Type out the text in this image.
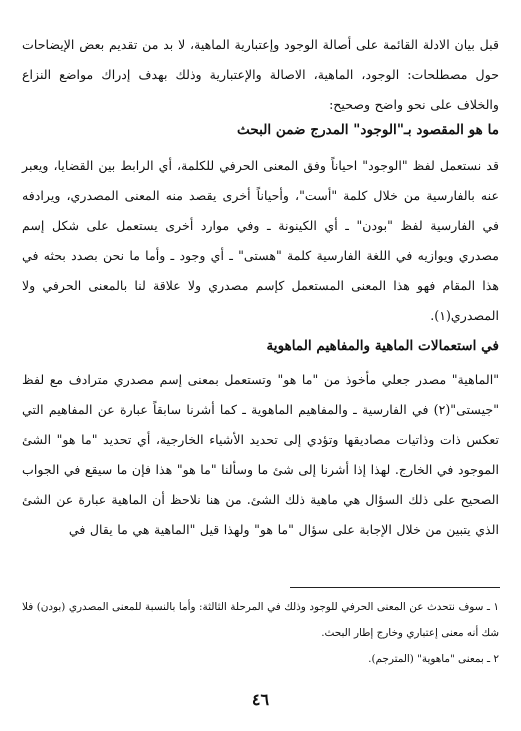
قبل بيان الادلة القائمة على أصالة الوجود وإعتبارية الماهية، لا بد من تقديم بعض الإيضاحات حول مصطلحات: الوجود، الماهية، الاصالة والإعتبارية وذلك بهدف إدراك مواضع النزاع والخلاف على نحو واضح وصحيح:

ما هو المقصود بـ"الوجود" المدرج ضمن البحث

قد نستعمل لفظ "الوجود" احياناً وفق المعنى الحرفي للكلمة، أي الرابط بين القضايا، ويعبر عنه بالفارسية من خلال كلمة "أست"، وأحياناً أخرى يقصد منه المعنى المصدري، ويرادفه في الفارسية لفظ "بودن" ـ أي الكينونة ـ وفي موارد أخرى يستعمل على شكل إسم مصدري ويوازيه في اللغة الفارسية كلمة "هستى" ـ أي وجود ـ وأما ما نحن بصدد بحثه في هذا المقام فهو هذا المعنى المستعمل كإسم مصدري ولا علاقة لنا بالمعنى الحرفي ولا المصدري(١).

في استعمالات الماهية والمفاهيم الماهوية

"الماهية" مصدر جعلي مأخوذ من "ما هو" وتستعمل بمعنى إسم مصدري مترادف مع لفظ "جيستى"(٢) في الفارسية ـ والمفاهيم الماهوية ـ كما أشرنا سابقاً عبارة عن المفاهيم التي تعكس ذات وذاتيات مصاديقها وتؤدي إلى تحديد الأشياء الخارجية، أي تحديد "ما هو" الشئ الموجود في الخارج. لهذا إذا أشرنا إلى شئ ما وسألنا "ما هو" هذا فإن ما سيقع في الجواب الصحيح على ذلك السؤال هي ماهية ذلك الشئ. من هنا نلاحظ أن الماهية عبارة عن الشئ الذي يتبين من خلال الإجابة على سؤال "ما هو" ولهذا قيل "الماهية هي ما يقال في

١ ـ سوف نتحدث عن المعنى الحرفي للوجود وذلك في المرحلة الثالثة: وأما بالنسبة للمعنى المصدري (بودن) فلا شك أنه معنى إعتباري وخارج إطار البحث.

٢ ـ بمعنى "ماهوية" (المترجم).

٤٦
